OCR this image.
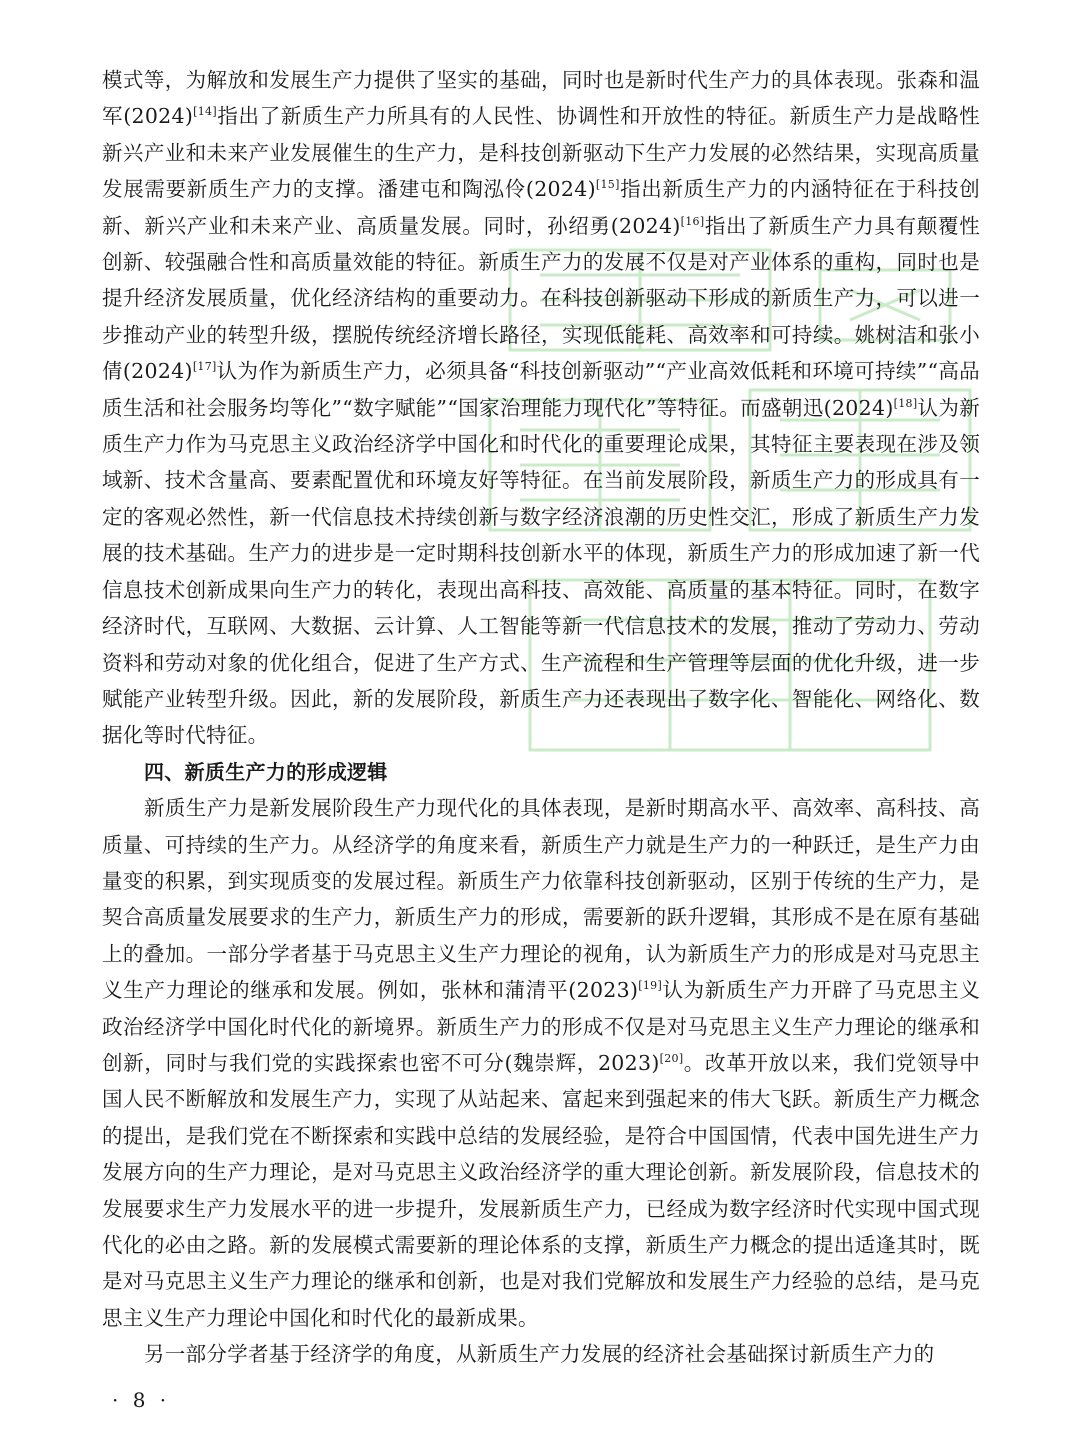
模式等，为解放和发展生产力提供了坚实的基础，同时也是新时代生产力的具体表现。张森和温军(2024)[14]指出了新质生产力所具有的人民性、协调性和开放性的特征。新质生产力是战略性新兴产业和未来产业发展催生的生产力，是科技创新驱动下生产力发展的必然结果，实现高质量发展需要新质生产力的支撑。潘建屯和陶泓伶(2024)[15]指出新质生产力的内涵特征在于科技创新、新兴产业和未来产业、高质量发展。同时，孙绍勇(2024)[16]指出了新质生产力具有颠覆性创新、较强融合性和高质量效能的特征。新质生产力的发展不仅是对产业体系的重构，同时也是提升经济发展质量，优化经济结构的重要动力。在科技创新驱动下形成的新质生产力，可以进一步推动产业的转型升级，摆脱传统经济增长路径，实现低能耗、高效率和可持续。姚树洁和张小倩(2024)[17]认为作为新质生产力，必须具备“科技创新驱动”“产业高效低耗和环境可持续”“高品质生活和社会服务均等化”“数字赋能”“国家治理能力现代化”等特征。而盛朝迅(2024)[18]认为新质生产力作为马克思主义政治经济学中国化和时代化的重要理论成果，其特征主要表现在涉及领域新、技术含量高、要素配置优和环境友好等特征。在当前发展阶段，新质生产力的形成具有一定的客观必然性，新一代信息技术持续创新与数字经济浪潮的历史性交汇，形成了新质生产力发展的技术基础。生产力的进步是一定时期科技创新水平的体现，新质生产力的形成加速了新一代信息技术创新成果向生产力的转化，表现出高科技、高效能、高质量的基本特征。同时，在数字经济时代，互联网、大数据、云计算、人工智能等新一代信息技术的发展，推动了劳动力、劳动资料和劳动对象的优化组合，促进了生产方式、生产流程和生产管理等层面的优化升级，进一步赋能产业转型升级。因此，新的发展阶段，新质生产力还表现出了数字化、智能化、网络化、数据化等时代特征。

四、新质生产力的形成逻辑

新质生产力是新发展阶段生产力现代化的具体表现，是新时期高水平、高效率、高科技、高质量、可持续的生产力。从经济学的角度来看，新质生产力就是生产力的一种跃迁，是生产力由量变的积累，到实现质变的发展过程。新质生产力依靠科技创新驱动，区别于传统的生产力，是契合高质量发展要求的生产力，新质生产力的形成，需要新的跃升逻辑，其形成不是在原有基础上的叠加。一部分学者基于马克思主义生产力理论的视角，认为新质生产力的形成是对马克思主义生产力理论的继承和发展。例如，张林和蒲清平(2023)[19]认为新质生产力开辟了马克思主义政治经济学中国化时代化的新境界。新质生产力的形成不仅是对马克思主义生产力理论的继承和创新，同时与我们党的实践探索也密不可分(魏崇辉，2023)[20]。改革开放以来，我们党领导中国人民不断解放和发展生产力，实现了从站起来、富起来到强起来的伟大飞跃。新质生产力概念的提出，是我们党在不断探索和实践中总结的发展经验，是符合中国国情，代表中国先进生产力发展方向的生产力理论，是对马克思主义政治经济学的重大理论创新。新发展阶段，信息技术的发展要求生产力发展水平的进一步提升，发展新质生产力，已经成为数字经济时代实现中国式现代化的必由之路。新的发展模式需要新的理论体系的支撑，新质生产力概念的提出适逢其时，既是对马克思主义生产力理论的继承和创新，也是对我们党解放和发展生产力经验的总结，是马克思主义生产力理论中国化和时代化的最新成果。

另一部分学者基于经济学的角度，从新质生产力发展的经济社会基础探讨新质生产力的

· 8 ·
